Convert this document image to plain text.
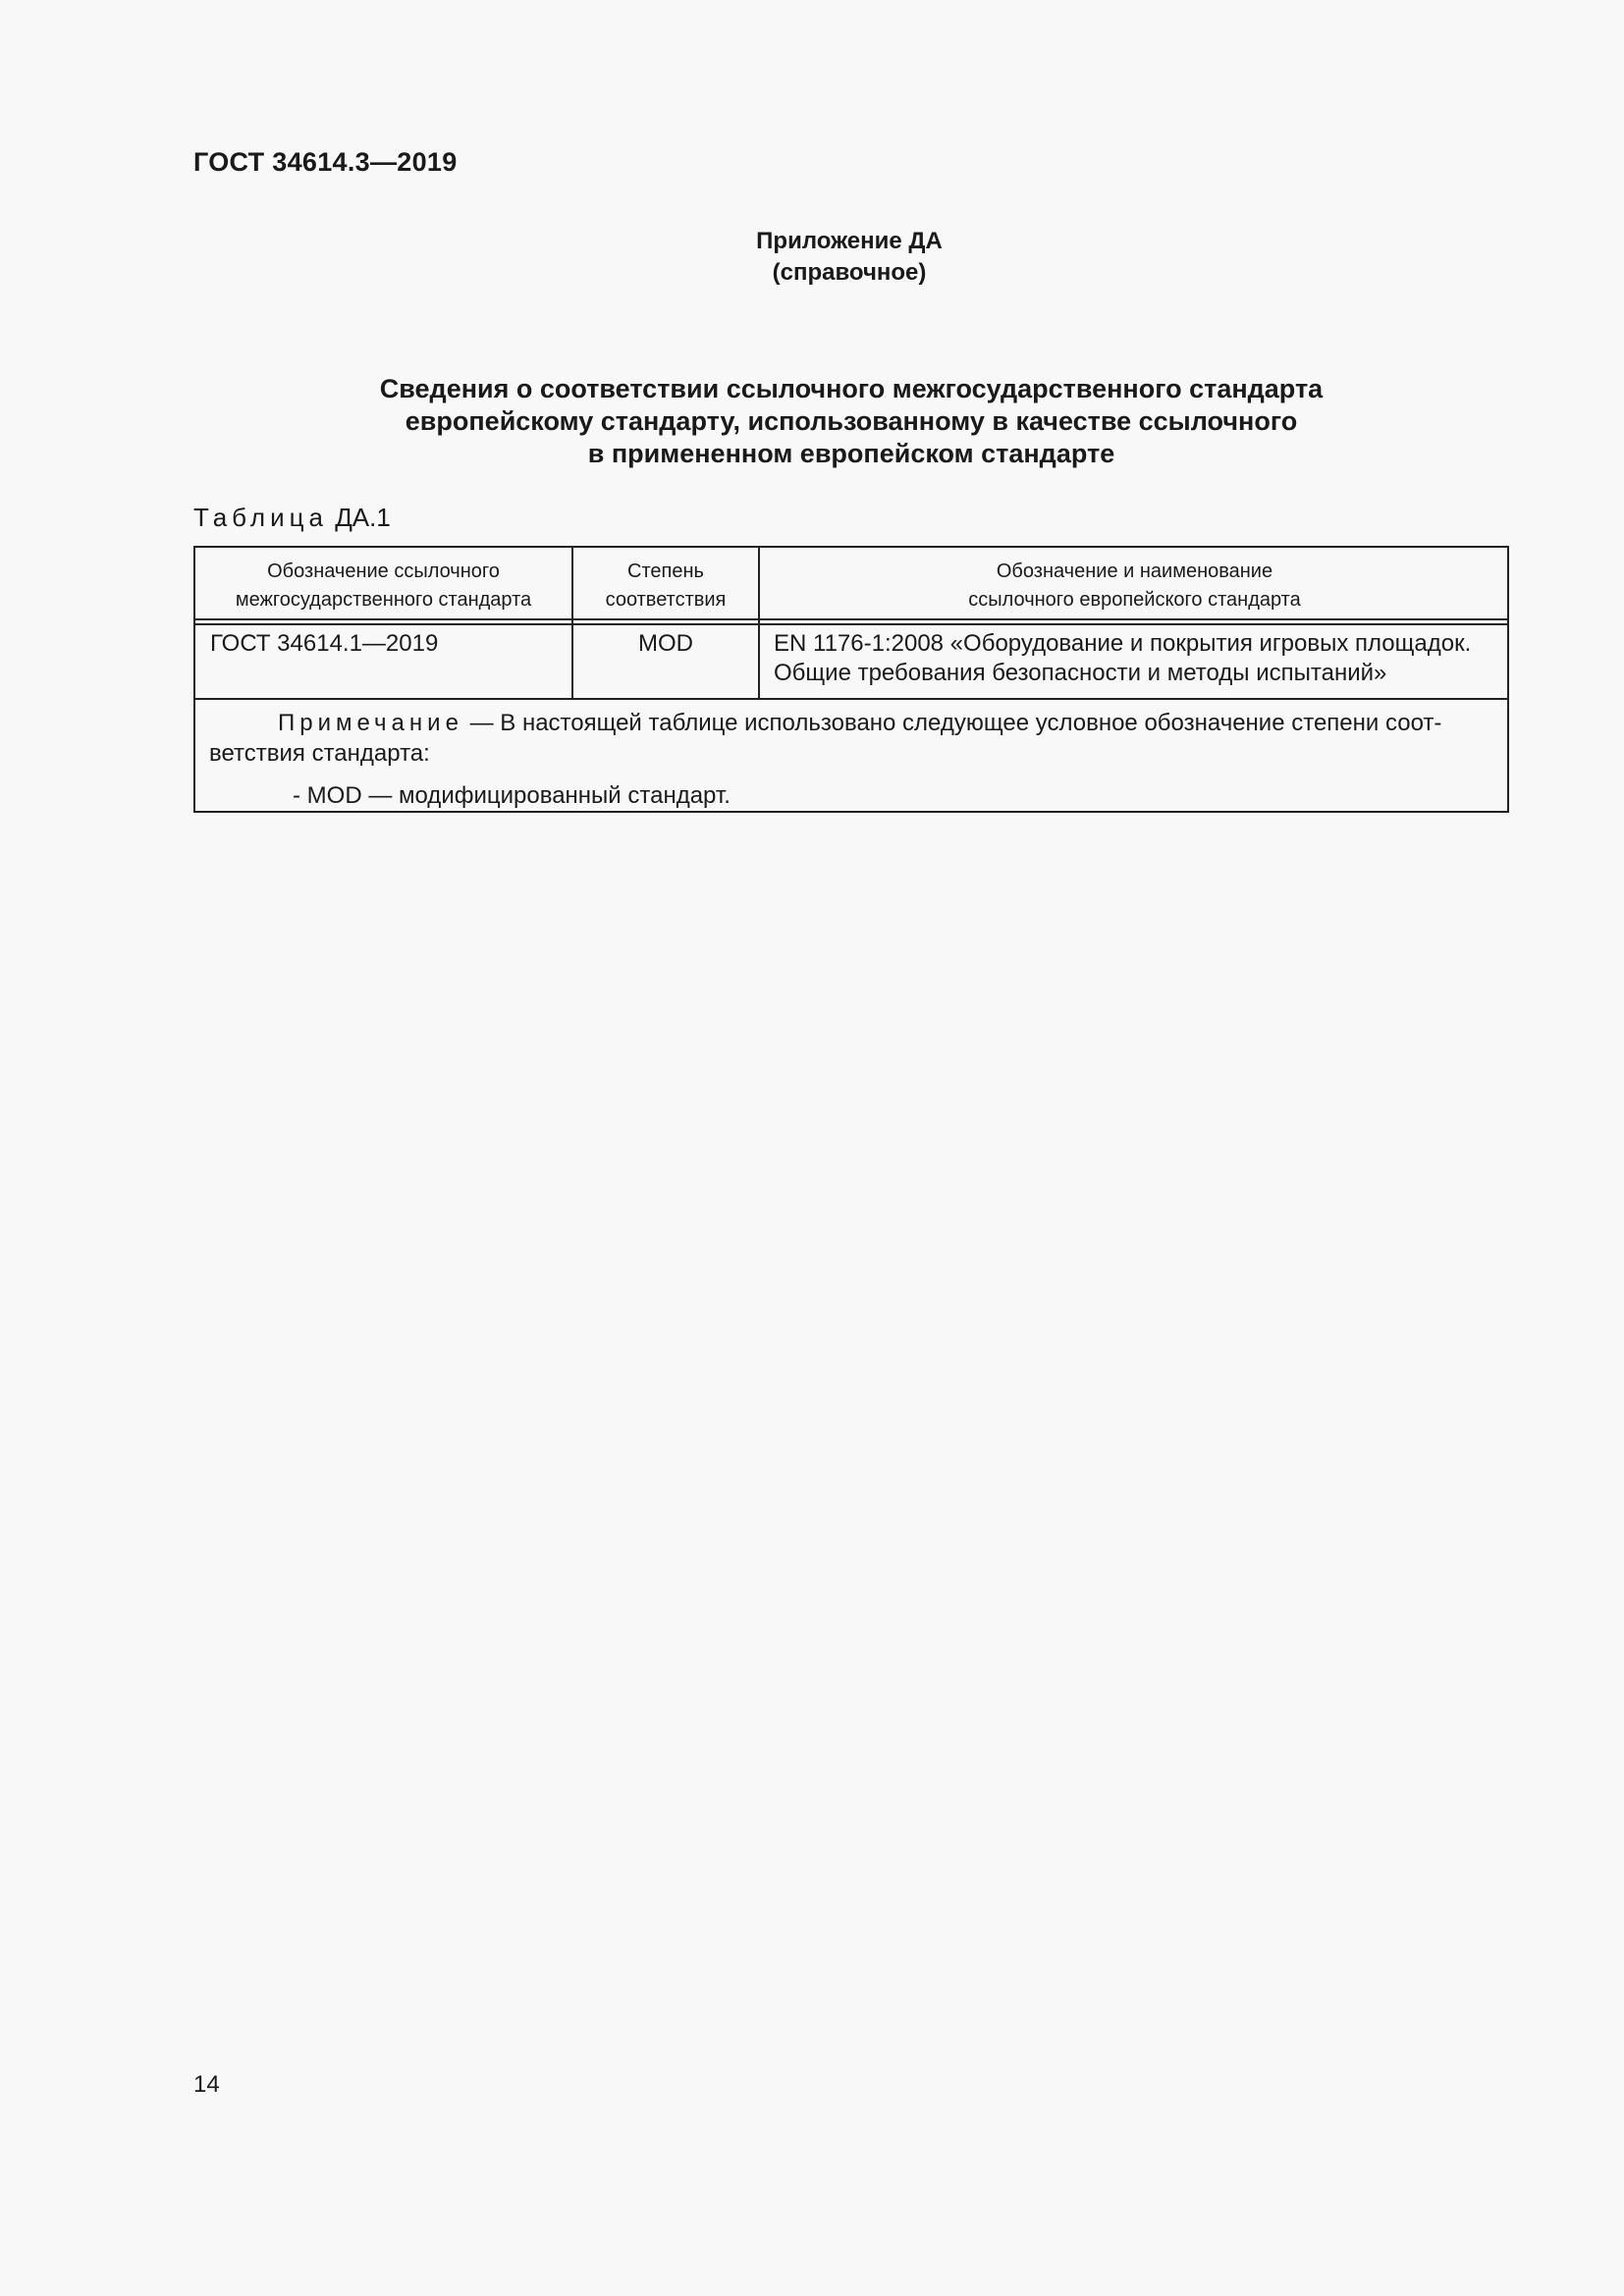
ГОСТ 34614.3—2019
Приложение ДА
(справочное)
Сведения о соответствии ссылочного межгосударственного стандарта
европейскому стандарту, использованному в качестве ссылочного
в примененном европейском стандарте
Таблица ДА.1
Обозначение ссылочного
межгосударственного стандарта
Степень
соответствия
Обозначение и наименование
ссылочного европейского стандарта
ГОСТ 34614.1—2019	MOD	EN 1176-1:2008 «Оборудование и покрытия игровых площадок.
Общие требования безопасности и методы испытаний»
Примечание — В настоящей таблице использовано следующее условное обозначение степени соот-
ветствия стандарта:
- MOD — модифицированный стандарт.
14
